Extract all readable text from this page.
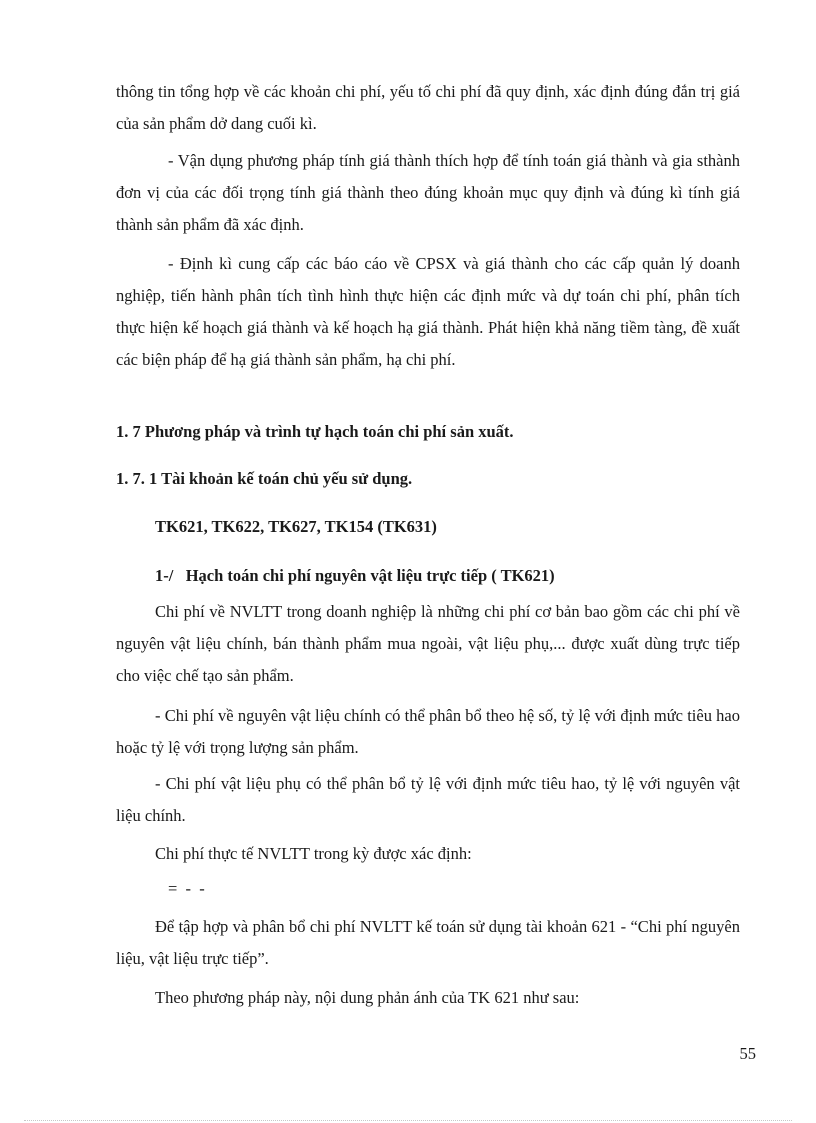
thông tin tổng hợp về các khoản chi phí, yếu tố chi phí đã quy định, xác định đúng đắn trị giá của sản phẩm dở dang cuối kì.
- Vận dụng phương pháp tính giá thành thích hợp để tính toán giá thành và gia sthành đơn vị của các đối trọng tính giá thành theo đúng khoản mục quy định và đúng kì tính giá thành sản phẩm đã xác định.
- Định kì cung cấp các báo cáo về CPSX và giá thành cho các cấp quản lý doanh nghiệp, tiến hành phân tích tình hình thực hiện các định mức và dự toán chi phí, phân tích thực hiện kế hoạch giá thành và kế hoạch hạ giá thành. Phát hiện khả năng tiềm tàng, đề xuất các biện pháp để hạ giá thành sản phẩm, hạ chi phí.
1. 7 Phương pháp và trình tự hạch toán chi phí sản xuất.
1. 7. 1 Tài khoản kế toán chủ yếu sử dụng.
TK621, TK622, TK627, TK154 (TK631)
1-/   Hạch toán chi phí nguyên vật liệu trực tiếp ( TK621)
Chi phí về NVLTT trong doanh nghiệp là những chi phí cơ bản bao gồm các chi phí về nguyên vật liệu chính, bán thành phẩm mua ngoài, vật liệu phụ,... được xuất dùng trực tiếp cho việc chế tạo sản phẩm.
- Chi phí về nguyên vật liệu chính có thể phân bổ theo hệ số, tỷ lệ với định mức tiêu hao hoặc tỷ lệ với trọng lượng sản phẩm.
- Chi phí vật liệu phụ có thể phân bổ tỷ lệ với định mức tiêu hao, tỷ lệ với nguyên vật liệu chính.
Chi phí thực tế NVLTT trong kỳ được xác định:
=  -  -
Để tập hợp và phân bổ chi phí NVLTT kế toán sử dụng tài khoản 621 - “Chi phí nguyên liệu, vật liệu trực tiếp”.
Theo phương pháp này, nội dung phản ánh của TK 621 như sau:
55
